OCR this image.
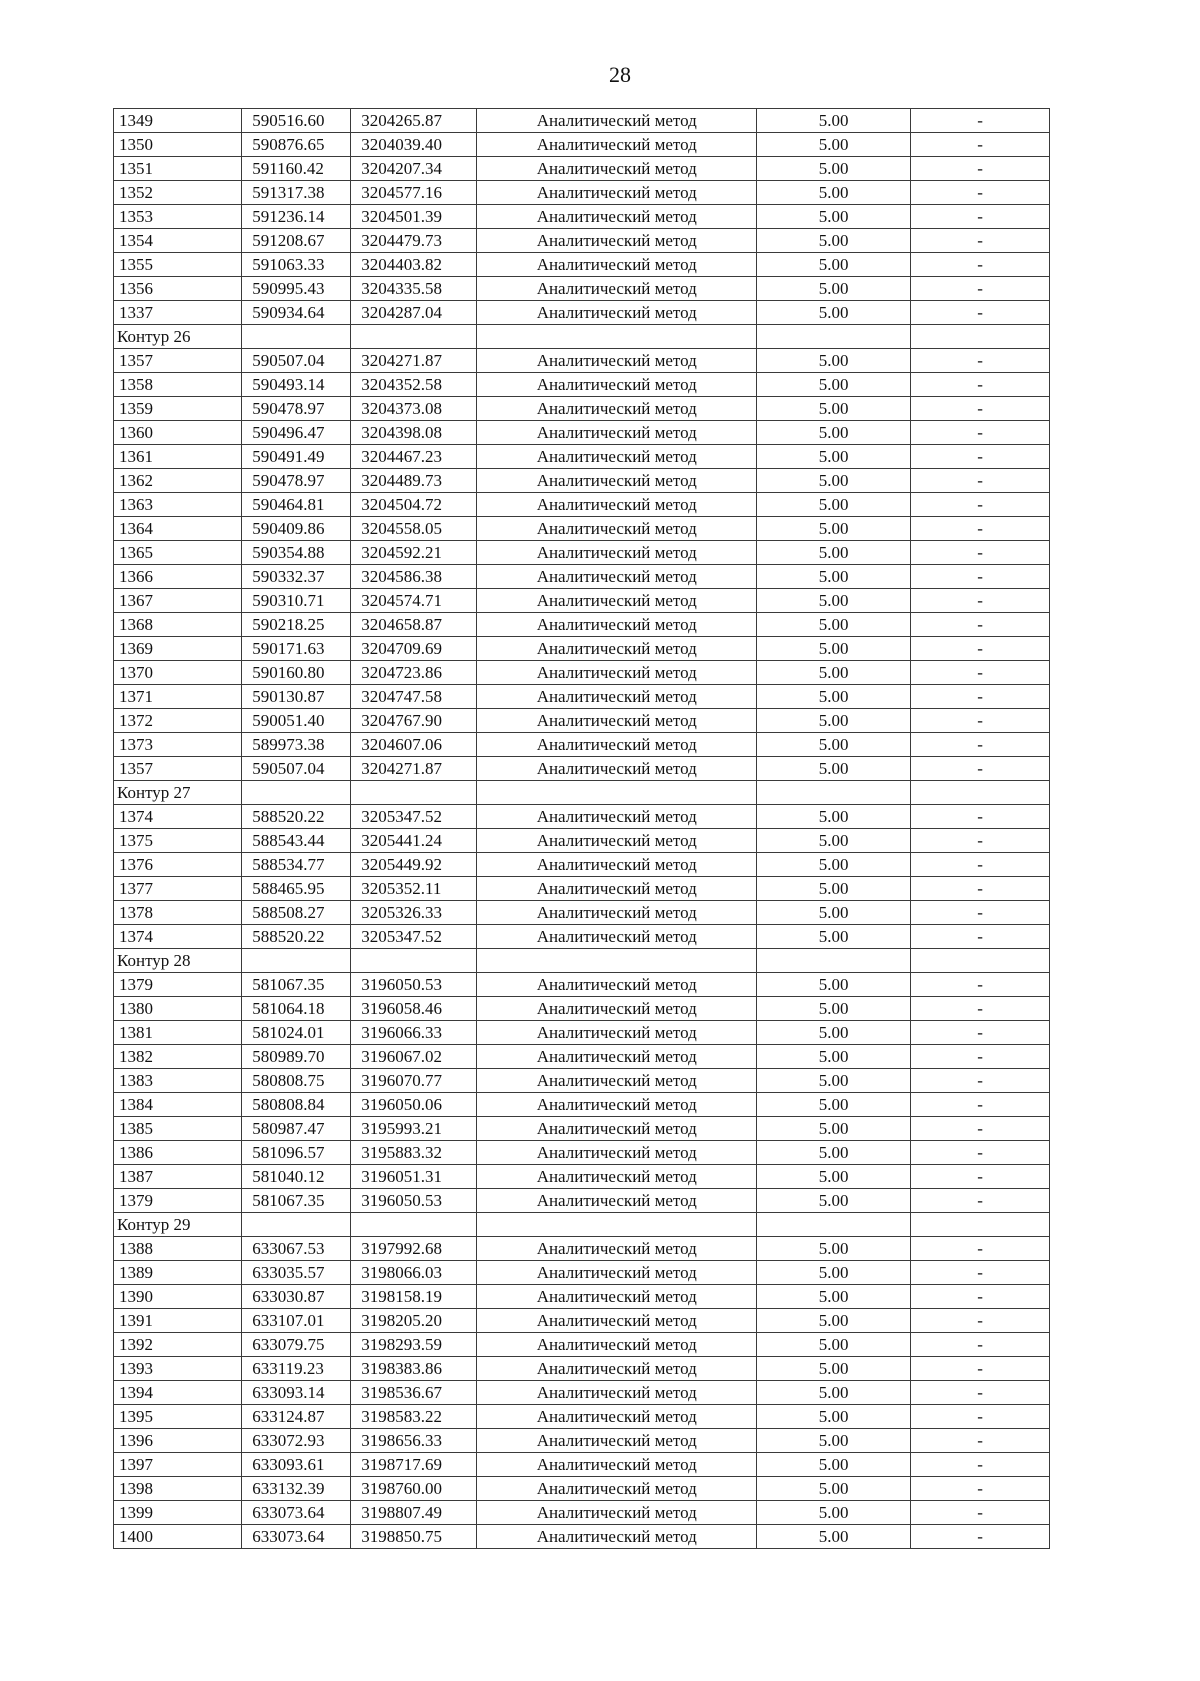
28
1349	590516.60	3204265.87	Аналитический метод	5.00	-
1350	590876.65	3204039.40	Аналитический метод	5.00	-
1351	591160.42	3204207.34	Аналитический метод	5.00	-
1352	591317.38	3204577.16	Аналитический метод	5.00	-
1353	591236.14	3204501.39	Аналитический метод	5.00	-
1354	591208.67	3204479.73	Аналитический метод	5.00	-
1355	591063.33	3204403.82	Аналитический метод	5.00	-
1356	590995.43	3204335.58	Аналитический метод	5.00	-
1337	590934.64	3204287.04	Аналитический метод	5.00	-
Контур 26					
1357	590507.04	3204271.87	Аналитический метод	5.00	-
1358	590493.14	3204352.58	Аналитический метод	5.00	-
1359	590478.97	3204373.08	Аналитический метод	5.00	-
1360	590496.47	3204398.08	Аналитический метод	5.00	-
1361	590491.49	3204467.23	Аналитический метод	5.00	-
1362	590478.97	3204489.73	Аналитический метод	5.00	-
1363	590464.81	3204504.72	Аналитический метод	5.00	-
1364	590409.86	3204558.05	Аналитический метод	5.00	-
1365	590354.88	3204592.21	Аналитический метод	5.00	-
1366	590332.37	3204586.38	Аналитический метод	5.00	-
1367	590310.71	3204574.71	Аналитический метод	5.00	-
1368	590218.25	3204658.87	Аналитический метод	5.00	-
1369	590171.63	3204709.69	Аналитический метод	5.00	-
1370	590160.80	3204723.86	Аналитический метод	5.00	-
1371	590130.87	3204747.58	Аналитический метод	5.00	-
1372	590051.40	3204767.90	Аналитический метод	5.00	-
1373	589973.38	3204607.06	Аналитический метод	5.00	-
1357	590507.04	3204271.87	Аналитический метод	5.00	-
Контур 27					
1374	588520.22	3205347.52	Аналитический метод	5.00	-
1375	588543.44	3205441.24	Аналитический метод	5.00	-
1376	588534.77	3205449.92	Аналитический метод	5.00	-
1377	588465.95	3205352.11	Аналитический метод	5.00	-
1378	588508.27	3205326.33	Аналитический метод	5.00	-
1374	588520.22	3205347.52	Аналитический метод	5.00	-
Контур 28					
1379	581067.35	3196050.53	Аналитический метод	5.00	-
1380	581064.18	3196058.46	Аналитический метод	5.00	-
1381	581024.01	3196066.33	Аналитический метод	5.00	-
1382	580989.70	3196067.02	Аналитический метод	5.00	-
1383	580808.75	3196070.77	Аналитический метод	5.00	-
1384	580808.84	3196050.06	Аналитический метод	5.00	-
1385	580987.47	3195993.21	Аналитический метод	5.00	-
1386	581096.57	3195883.32	Аналитический метод	5.00	-
1387	581040.12	3196051.31	Аналитический метод	5.00	-
1379	581067.35	3196050.53	Аналитический метод	5.00	-
Контур 29					
1388	633067.53	3197992.68	Аналитический метод	5.00	-
1389	633035.57	3198066.03	Аналитический метод	5.00	-
1390	633030.87	3198158.19	Аналитический метод	5.00	-
1391	633107.01	3198205.20	Аналитический метод	5.00	-
1392	633079.75	3198293.59	Аналитический метод	5.00	-
1393	633119.23	3198383.86	Аналитический метод	5.00	-
1394	633093.14	3198536.67	Аналитический метод	5.00	-
1395	633124.87	3198583.22	Аналитический метод	5.00	-
1396	633072.93	3198656.33	Аналитический метод	5.00	-
1397	633093.61	3198717.69	Аналитический метод	5.00	-
1398	633132.39	3198760.00	Аналитический метод	5.00	-
1399	633073.64	3198807.49	Аналитический метод	5.00	-
1400	633073.64	3198850.75	Аналитический метод	5.00	-
